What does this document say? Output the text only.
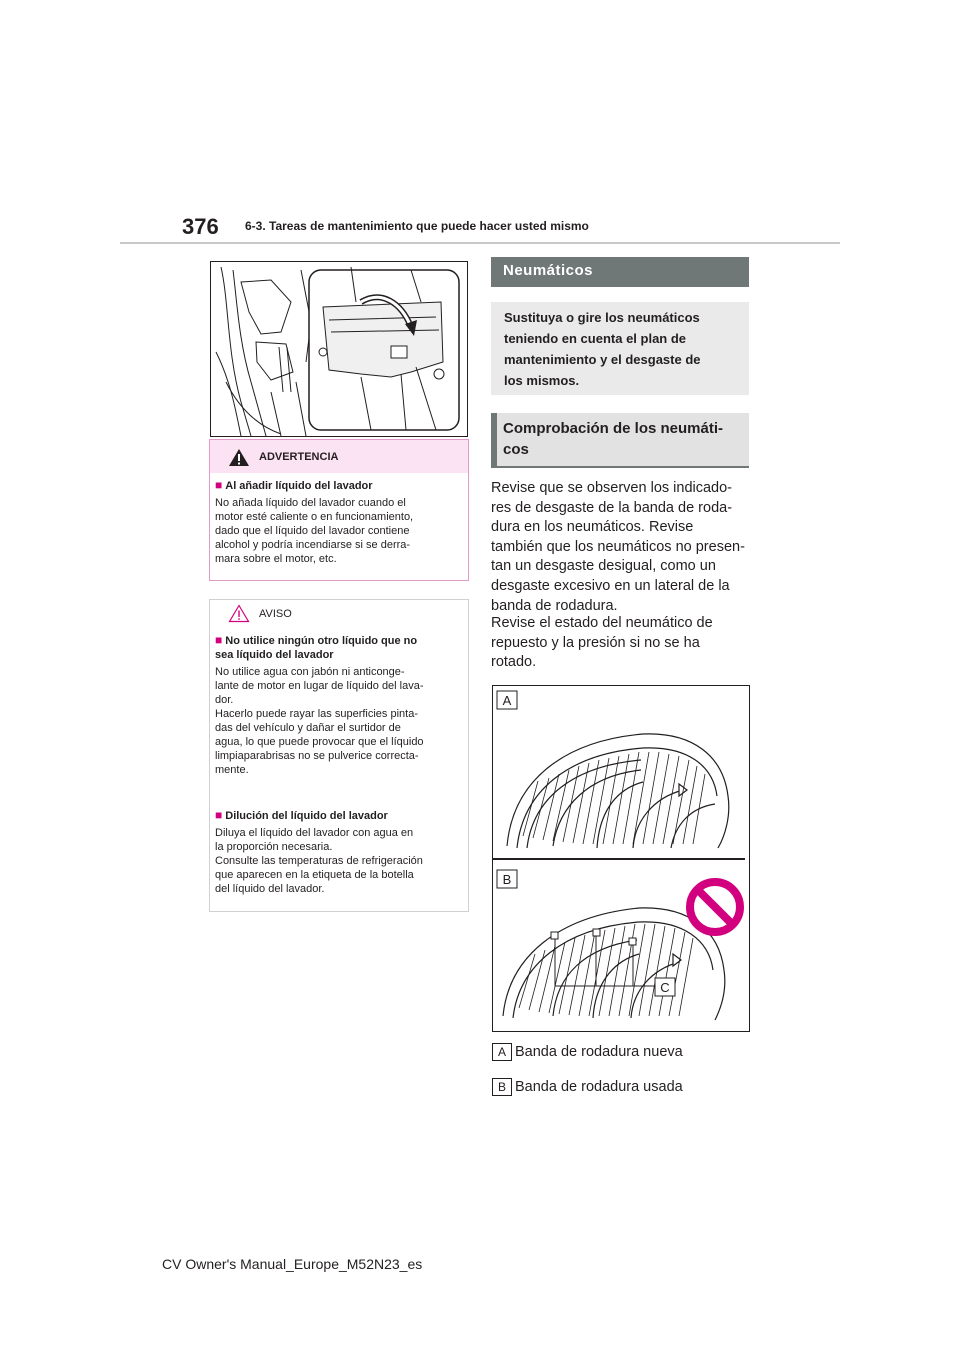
376 6-3. Tareas de mantenimiento que puede hacer usted mismo
ADVERTENCIA
■ Al añadir líquido del lavador
No añada líquido del lavador cuando el
motor esté caliente o en funcionamiento,
dado que el líquido del lavador contiene
alcohol y podría incendiarse si se derra-
mara sobre el motor, etc.
AVISO
■ No utilice ningún otro líquido que no
sea líquido del lavador
No utilice agua con jabón ni anticonge-
lante de motor en lugar de líquido del lava-
dor.
Hacerlo puede rayar las superficies pinta-
das del vehículo y dañar el surtidor de
agua, lo que puede provocar que el líquido
limpiaparabrisas no se pulverice correcta-
mente.
■ Dilución del líquido del lavador
Diluya el líquido del lavador con agua en
la proporción necesaria.
Consulte las temperaturas de refrigeración
que aparecen en la etiqueta de la botella
del líquido del lavador.
Neumáticos
Sustituya o gire los neumáticos
teniendo en cuenta el plan de
mantenimiento y el desgaste de
los mismos.
Comprobación de los neumáti-
cos
Revise que se observen los indicado-
res de desgaste de la banda de roda-
dura en los neumáticos. Revise
también que los neumáticos no presen-
tan un desgaste desigual, como un
desgaste excesivo en un lateral de la
banda de rodadura.
Revise el estado del neumático de
repuesto y la presión si no se ha
rotado.
A
B
C
A Banda de rodadura nueva
B Banda de rodadura usada
CV Owner's Manual_Europe_M52N23_es
